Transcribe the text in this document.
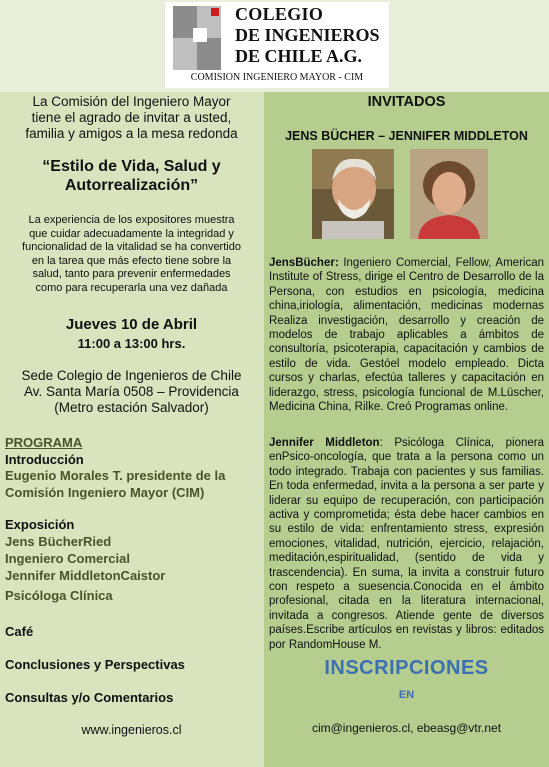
COLEGIO
DE INGENIEROS
DE CHILE A.G.
COMISION INGENIERO MAYOR - CIM
La Comisión del Ingeniero Mayor
tiene el agrado de invitar a usted,
familia y amigos a la mesa redonda
“Estilo de Vida, Salud y
Autorrealización”
La experiencia de los expositores muestra
que cuidar adecuadamente la integridad y
funcionalidad de la vitalidad se ha convertido
en la tarea que más efecto tiene sobre la
salud, tanto para prevenir enfermedades
como para recuperarla una vez dañada
Jueves 10 de Abril
11:00 a 13:00 hrs.
Sede Colegio de Ingenieros de Chile
Av. Santa María 0508 – Providencia
(Metro estación Salvador)
PROGRAMA
Introducción
Eugenio Morales T. presidente de la
Comisión Ingeniero Mayor (CIM)
Exposición
Jens BücherRied
Ingeniero Comercial
Jennifer MiddletonCaistor
Psicóloga Clínica
Café
Conclusiones y Perspectivas
Consultas y/o Comentarios
www.ingenieros.cl
INVITADOS
JENS BÜCHER – JENNIFER MIDDLETON
JensBücher: Ingeniero Comercial, Fellow, American Institute of Stress, dirige el Centro de Desarrollo de la Persona, con estudios en psicología, medicina china,iriología, alimentación, medicinas modernas Realiza investigación, desarrollo y creación de modelos de trabajo aplicables a ámbitos de consultoría, psicoterapia, capacitación y cambios de estilo de vida. Gestóel modelo empleado. Dicta cursos y charlas, efectúa talleres y capacitación en liderazgo, stress, psicología funcional de M.Lüscher, Medicina China, Rilke. Creó Programas online.
Jennifer Middleton: Psicóloga Clínica, pionera enPsico-oncología, que trata a la persona como un todo integrado. Trabaja con pacientes y sus familias. En toda enfermedad, invita a la persona a ser parte y liderar su equipo de recuperación, con participación activa y comprometida; ésta debe hacer cambios en su estilo de vida: enfrentamiento stress, expresión emociones, vitalidad, nutrición, ejercicio, relajación, meditación,espiritualidad, (sentido de vida y trascendencia). En suma, la invita a construir futuro con respeto a suesencia.Conocida en el ámbito profesional, citada en la literatura internacional, invitada a congresos. Atiende gente de diversos países.Escribe artículos en revistas y libros: editados por RandomHouse M.
INSCRIPCIONES
EN
cim@ingenieros.cl, ebeasg@vtr.net
